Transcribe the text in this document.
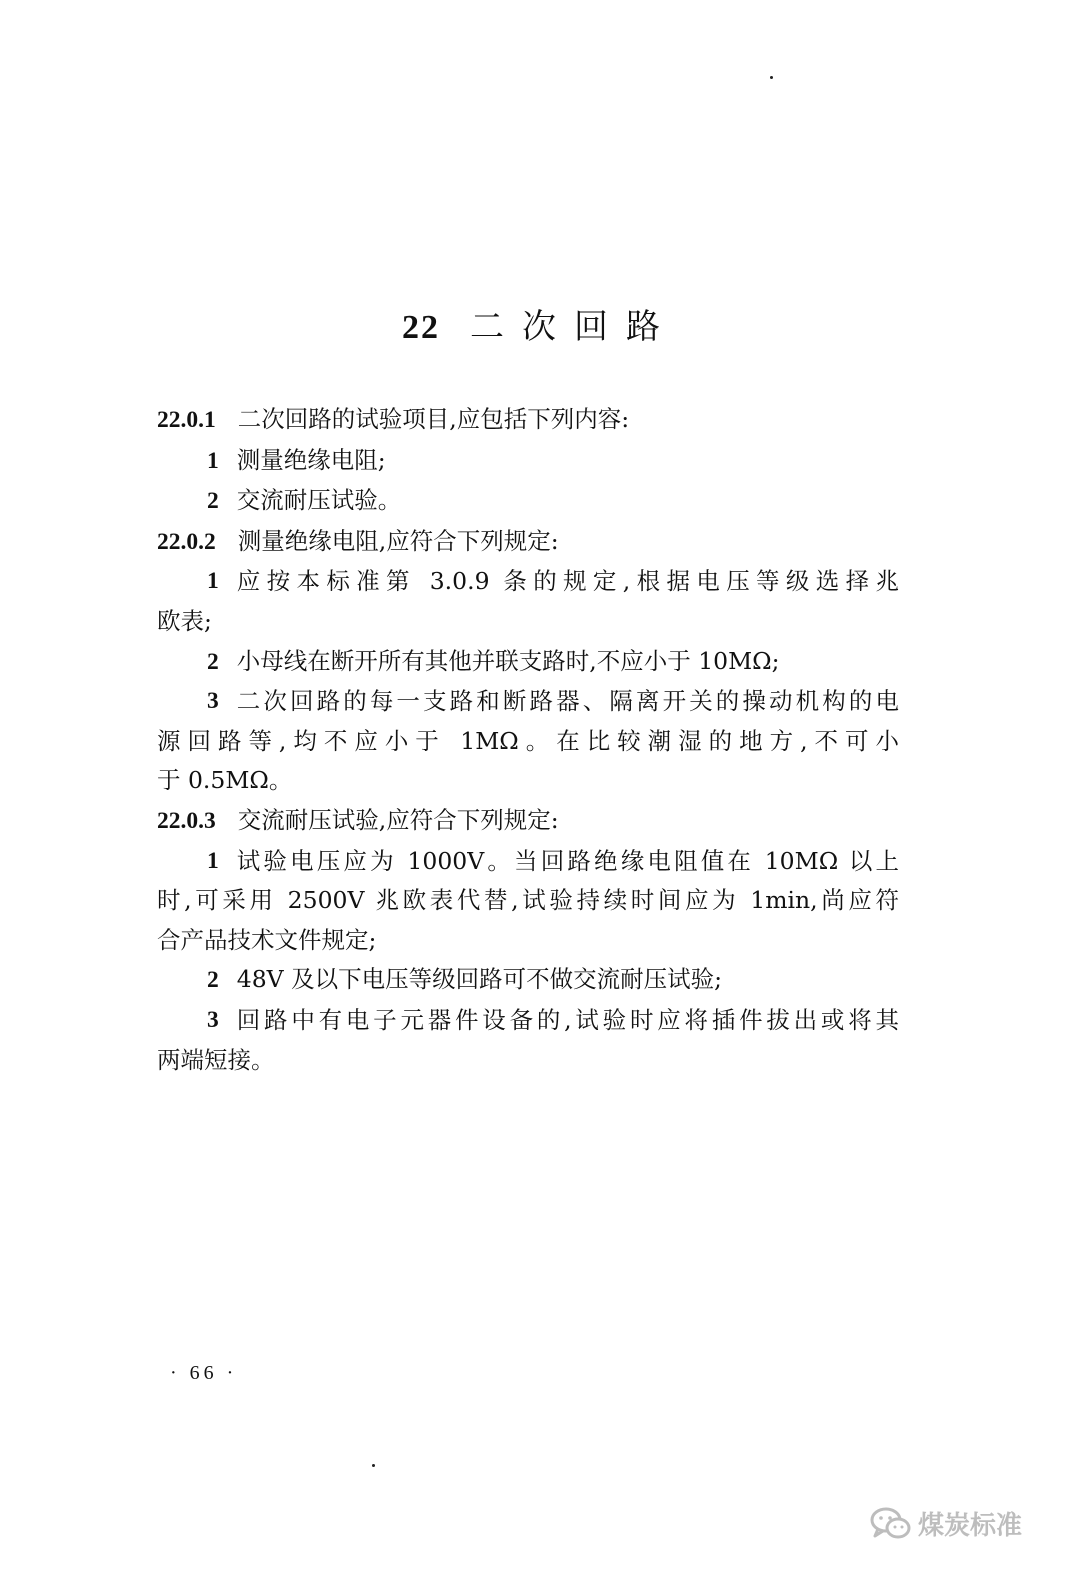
22 二次回路

22.0.1 二次回路的试验项目,应包括下列内容:

1 测量绝缘电阻;

2 交流耐压试验。

22.0.2 测量绝缘电阻,应符合下列规定:

1 应按本标准第 3.0.9 条的规定,根据电压等级选择兆

欧表;

2 小母线在断开所有其他并联支路时,不应小于 10MΩ;

3 二次回路的每一支路和断路器、隔离开关的操动机构的电

源回路等,均不应小于 1MΩ。在比较潮湿的地方,不可小

于 0.5MΩ。

22.0.3 交流耐压试验,应符合下列规定:

1 试验电压应为 1000V。当回路绝缘电阻值在 10MΩ 以上

时,可采用 2500V 兆欧表代替,试验持续时间应为 1min,尚应符

合产品技术文件规定;

2 48V 及以下电压等级回路可不做交流耐压试验;

3 回路中有电子元器件设备的,试验时应将插件拔出或将其

两端短接。

· 66 ·
煤炭标准
